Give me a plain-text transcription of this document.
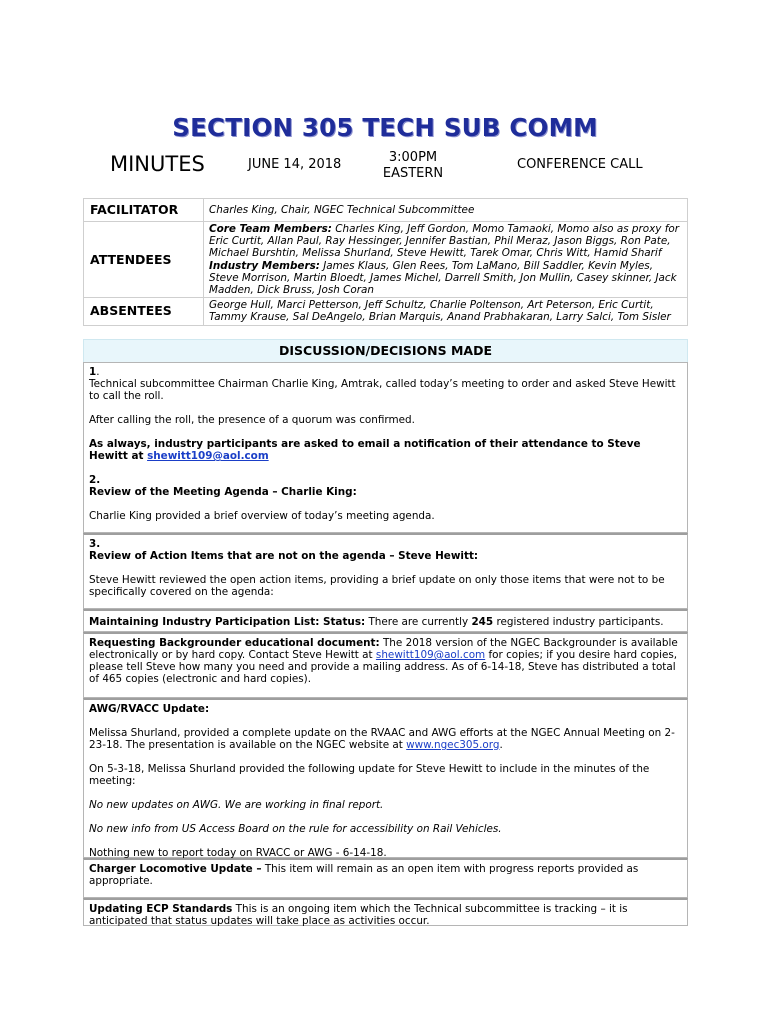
SECTION 305 TECH SUB COMM
MINUTES	JUNE 14, 2018	3:00PM
EASTERN
CONFERENCE CALL
FACILITATOR	Charles King, Chair, NGEC Technical Subcommittee
ATTENDEES	Core Team Members: Charles King, Jeff Gordon, Momo Tamaoki, Momo also as proxy for Eric Curtit, Allan Paul, Ray Hessinger, Jennifer Bastian, Phil Meraz, Jason Biggs, Ron Pate, Michael Burshtin, Melissa Shurland, Steve Hewitt, Tarek Omar, Chris Witt, Hamid Sharif Industry Members: James Klaus, Glen Rees, Tom LaMano, Bill Saddler, Kevin Myles, Steve Morrison, Martin Bloedt, James Michel, Darrell Smith, Jon Mullin, Casey skinner, Jack Madden, Dick Bruss, Josh Coran
ABSENTEES	George Hull, Marci Petterson, Jeff Schultz, Charlie Poltenson, Art Peterson, Eric Curtit, Tammy Krause, Sal DeAngelo, Brian Marquis, Anand Prabhakaran, Larry Salci, Tom Sisler
DISCUSSION/DECISIONS MADE

1.

Technical subcommittee Chairman Charlie King, Amtrak, called today’s meeting to order and asked Steve Hewitt to call the roll.

After calling the roll, the presence of a quorum was confirmed.

As always, industry participants are asked to email a notification of their attendance to Steve Hewitt at shewitt109@aol.com

2.

Review of the Meeting Agenda – Charlie King:

Charlie King provided a brief overview of today’s meeting agenda.

3.

Review of Action Items that are not on the agenda – Steve Hewitt:

Steve Hewitt reviewed the open action items, providing a brief update on only those items that were not to be specifically covered on the agenda:

Maintaining Industry Participation List: Status: There are currently 245 registered industry participants.
Requesting Backgrounder educational document: The 2018 version of the NGEC Backgrounder is available electronically or by hard copy. Contact Steve Hewitt at shewitt109@aol.com for copies; if you desire hard copies, please tell Steve how many you need and provide a mailing address. As of 6-14-18, Steve has distributed a total of 465 copies (electronic and hard copies).

AWG/RVACC Update:

Melissa Shurland, provided a complete update on the RVAAC and AWG efforts at the NGEC Annual Meeting on 2-23-18. The presentation is available on the NGEC website at www.ngec305.org.

On 5-3-18, Melissa Shurland provided the following update for Steve Hewitt to include in the minutes of the meeting:

No new updates on AWG. We are working in final report.

No new info from US Access Board on the rule for accessibility on Rail Vehicles.

Nothing new to report today on RVACC or AWG - 6-14-18.

Charger Locomotive Update – This item will remain as an open item with progress reports provided as appropriate.
Updating ECP Standards This is an ongoing item which the Technical subcommittee is tracking – it is anticipated that status updates will take place as activities occur.
